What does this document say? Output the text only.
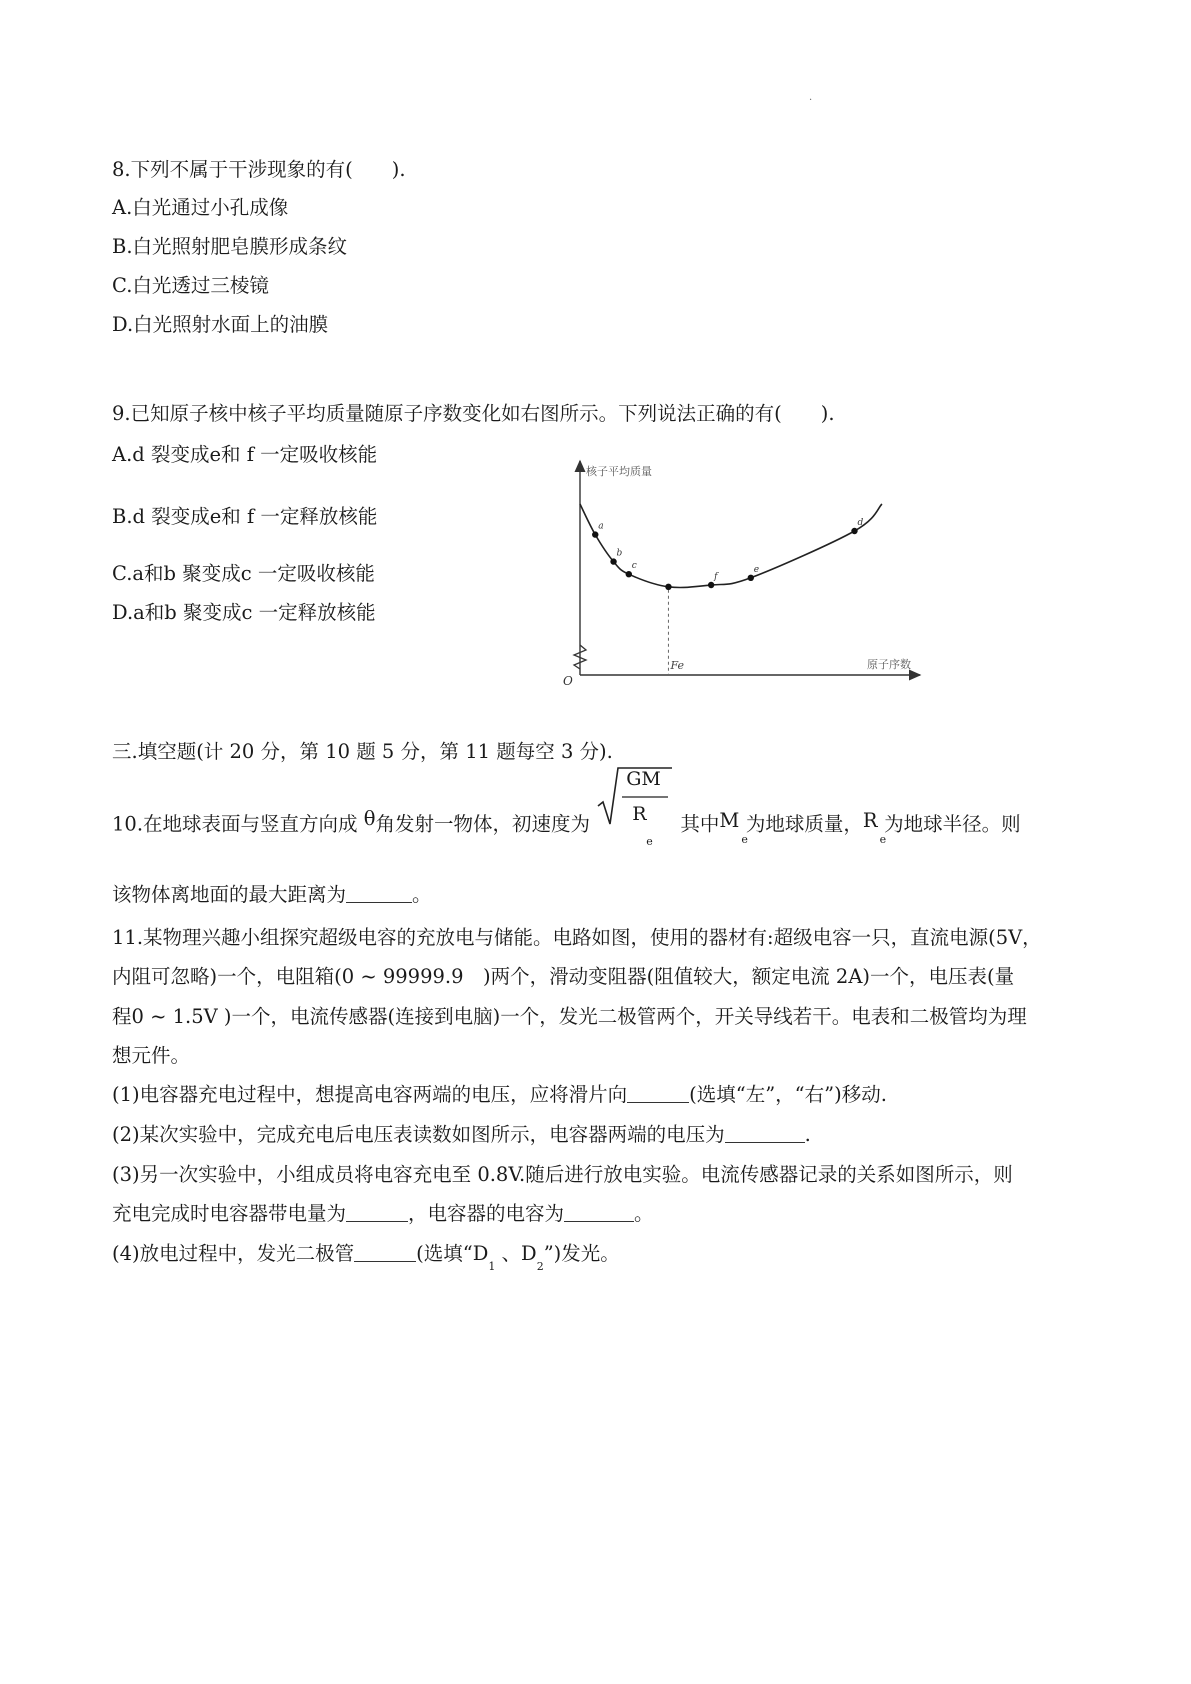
.
8.下列不属于干涉现象的有(　　).
A.白光通过小孔成像
B.白光照射肥皂膜形成条纹
C.白光透过三棱镜
D.白光照射水面上的油膜
9.已知原子核中核子平均质量随原子序数变化如右图所示。下列说法正确的有(　　).
A.d 裂变成e和 f 一定吸收核能
B.d 裂变成e和 f 一定释放核能
C.a和b 聚变成c 一定吸收核能
D.a和b 聚变成c 一定释放核能
核子平均质量
原子序数
O
Fe
a
b
c
f
e
d
三.填空题(计 20 分，第 10 题 5 分，第 11 题每空 3 分).
10.在地球表面与竖直方向成 θ角发射一物体，初速度为
GM
R
e
其中$M_e$为地球质量，$R_e$为地球半径。则
该物体离地面的最大距离为	。
11.某物理兴趣小组探究超级电容的充放电与储能。电路如图，使用的器材有:超级电容一只，直流电源(5V，
内阻可忽略)一个，电阻箱(0 ~ 99999.9　)两个，滑动变阻器(阻值较大，额定电流 2A)一个，电压表(量
程0 ~ 1.5V )一个，电流传感器(连接到电脑)一个，发光二极管两个，开关导线若干。电表和二极管均为理
想元件。
(1)电容器充电过程中，想提高电容两端的电压，应将滑片向	(选填“左”，“右”)移动.
(2)某次实验中，完成充电后电压表读数如图所示，电容器两端的电压为	.
(3)另一次实验中，小组成员将电容充电至 0.8V.随后进行放电实验。电流传感器记录的关系如图所示，则
充电完成时电容器带电量为	，电容器的电容为	。
(4)放电过程中，发光二极管	(选填“$D_1$ 、$D_2$”)发光。
